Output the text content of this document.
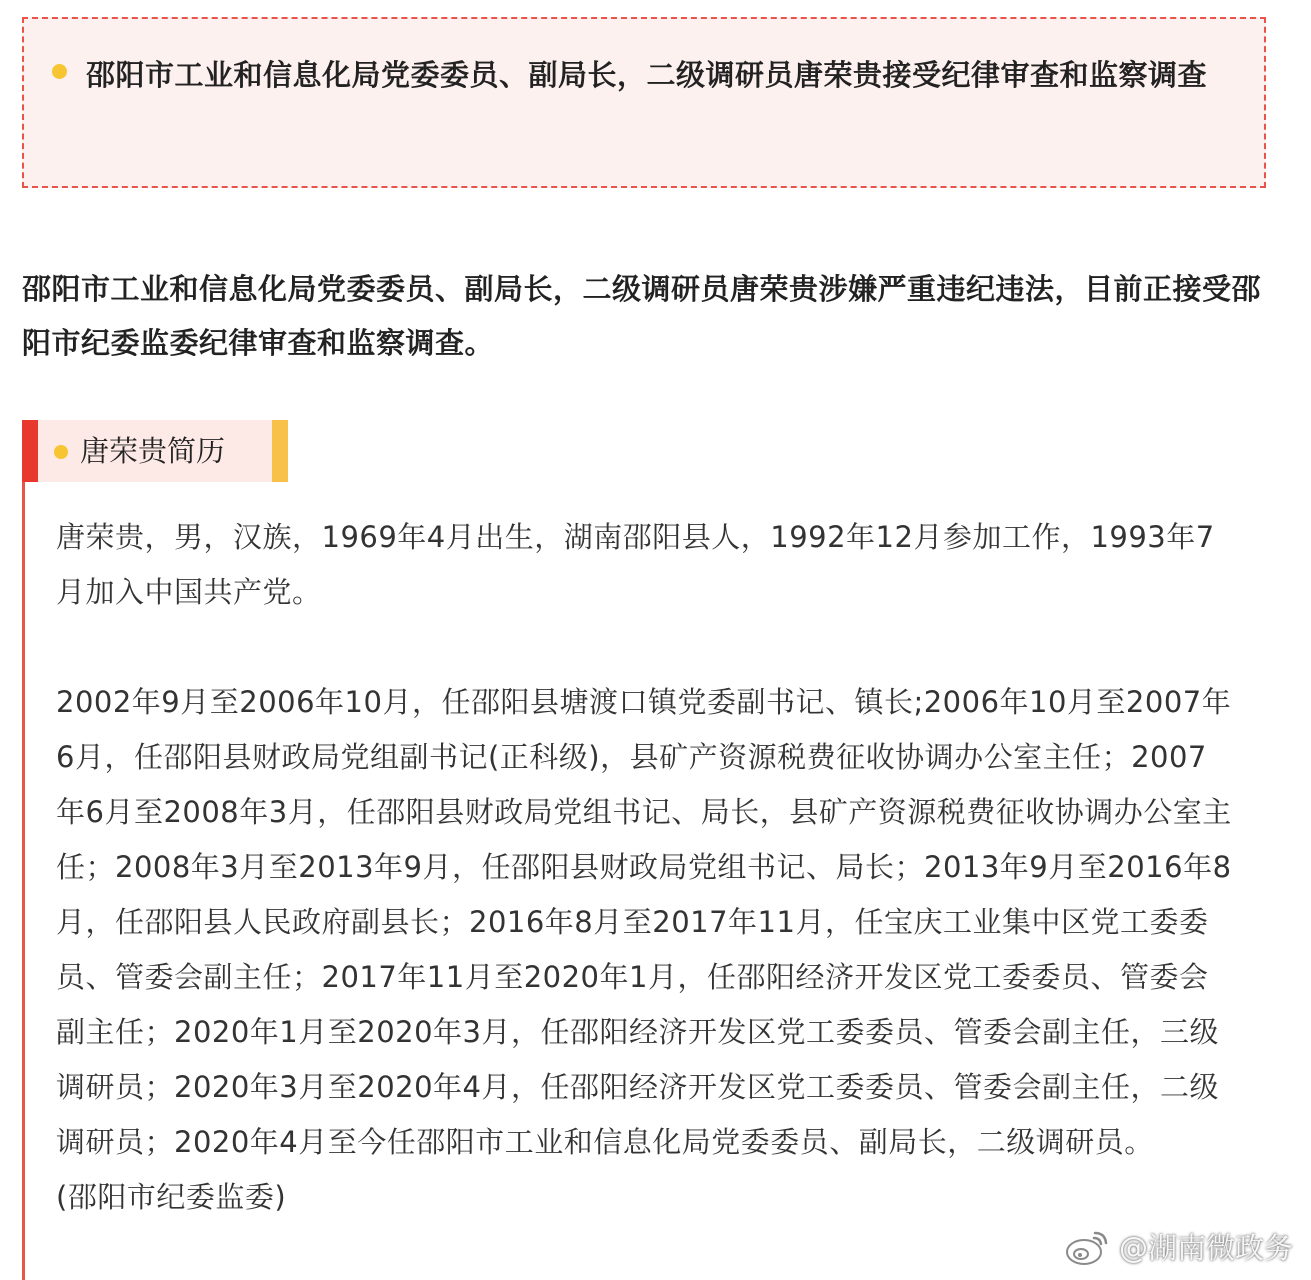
邵阳市工业和信息化局党委委员、副局长，二级调研员唐荣贵接受纪律审查和监察调查

邵阳市工业和信息化局党委委员、副局长，二级调研员唐荣贵涉嫌严重违纪违法，目前正接受邵阳市纪委监委纪律审查和监察调查。

唐荣贵简历

唐荣贵，男，汉族，1969年4月出生，湖南邵阳县人，1992年12月参加工作，1993年7月加入中国共产党。

2002年9月至2006年10月，任邵阳县塘渡口镇党委副书记、镇长;2006年10月至2007年6月，任邵阳县财政局党组副书记(正科级)，县矿产资源税费征收协调办公室主任；2007年6月至2008年3月，任邵阳县财政局党组书记、局长，县矿产资源税费征收协调办公室主任；2008年3月至2013年9月，任邵阳县财政局党组书记、局长；2013年9月至2016年8月，任邵阳县人民政府副县长；2016年8月至2017年11月，任宝庆工业集中区党工委委员、管委会副主任；2017年11月至2020年1月，任邵阳经济开发区党工委委员、管委会副主任；2020年1月至2020年3月，任邵阳经济开发区党工委委员、管委会副主任，三级调研员；2020年3月至2020年4月，任邵阳经济开发区党工委委员、管委会副主任，二级调研员；2020年4月至今任邵阳市工业和信息化局党委委员、副局长，二级调研员。

(邵阳市纪委监委)

@湖南微政务
